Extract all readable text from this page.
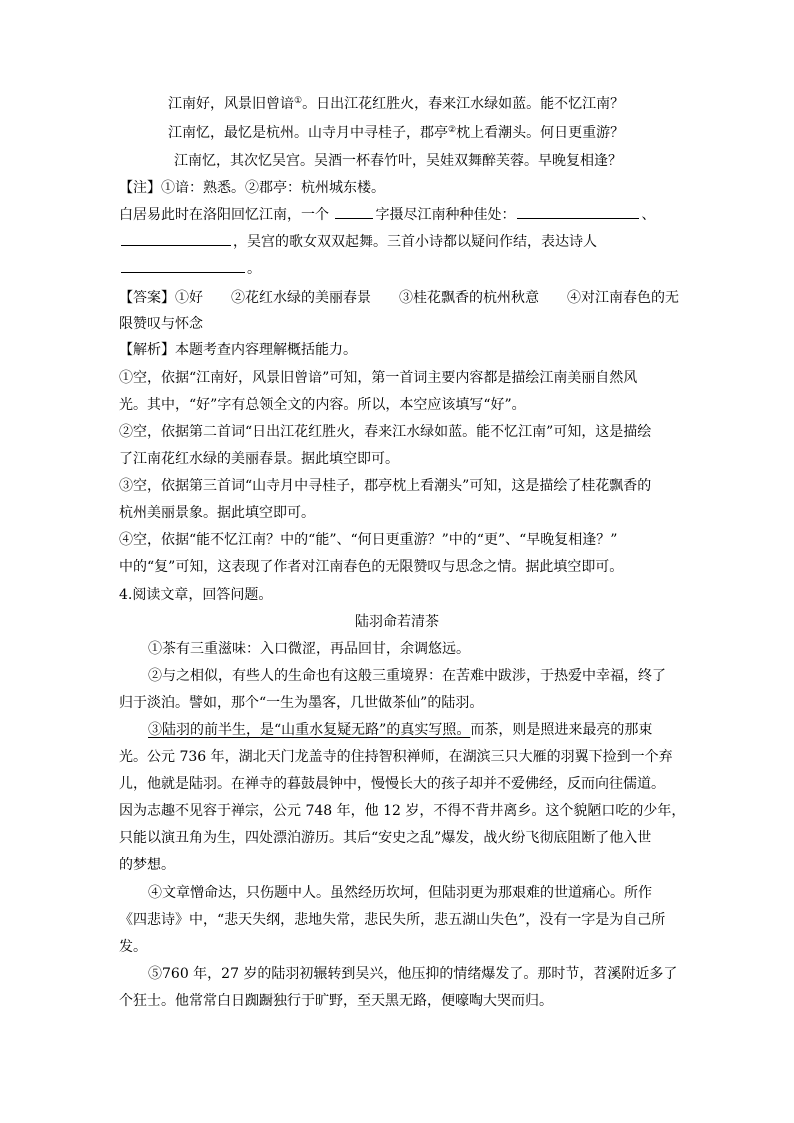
江南好，风景旧曾谙①。日出江花红胜火，春来江水绿如蓝。能不忆江南？
江南忆，最忆是杭州。山寺月中寻桂子，郡亭②枕上看潮头。何日更重游？
江南忆，其次忆吴宫。吴酒一杯春竹叶，吴娃双舞醉芙蓉。早晚复相逢？
【注】①谙：熟悉。②郡亭：杭州城东楼。
白居易此时在洛阳回忆江南，一个	字摄尽江南种种佳处：	、
，吴宫的歌女双双起舞。三首小诗都以疑问作结，表达诗人
。
【答案】①好　　②花红水绿的美丽春景　　③桂花飘香的杭州秋意　　④对江南春色的无
限赞叹与怀念
【解析】本题考查内容理解概括能力。
①空，依据“江南好，风景旧曾谙”可知，第一首词主要内容都是描绘江南美丽自然风
光。其中，“好”字有总领全文的内容。所以，本空应该填写“好”。
②空，依据第二首词“日出江花红胜火，春来江水绿如蓝。能不忆江南”可知，这是描绘
了江南花红水绿的美丽春景。据此填空即可。
③空，依据第三首词“山寺月中寻桂子，郡亭枕上看潮头”可知，这是描绘了桂花飘香的
杭州美丽景象。据此填空即可。
④空，依据“能不忆江南？中的“能”、“何日更重游？”中的“更”、“早晚复相逢？”
中的“复”可知，这表现了作者对江南春色的无限赞叹与思念之情。据此填空即可。
4.阅读文章，回答问题。
陆羽命若清茶
①茶有三重滋味：入口微涩，再品回甘，余调悠远。
②与之相似，有些人的生命也有这般三重境界：在苦难中跋涉，于热爱中幸福，终了
归于淡泊。譬如，那个“一生为墨客，几世做茶仙”的陆羽。
③陆羽的前半生，是“山重水复疑无路”的真实写照。而茶，则是照进来最亮的那束
光。公元 736 年，湖北天门龙盖寺的住持智积禅师，在湖滨三只大雁的羽翼下捡到一个弃
儿，他就是陆羽。在禅寺的暮鼓晨钟中，慢慢长大的孩子却并不爱佛经，反而向往儒道。
因为志趣不见容于禅宗，公元 748 年，他 12 岁，不得不背井离乡。这个貌陋口吃的少年，
只能以演丑角为生，四处漂泊游历。其后“安史之乱”爆发，战火纷飞彻底阻断了他入世
的梦想。
④文章憎命达，只伤题中人。虽然经历坎坷，但陆羽更为那艰难的世道痛心。所作
《四悲诗》中，“悲天失纲，悲地失常，悲民失所，悲五湖山失色”，没有一字是为自己所
发。
⑤760 年，27 岁的陆羽初辗转到吴兴，他压抑的情绪爆发了。那时节，苕溪附近多了
个狂士。他常常白日踟蹰独行于旷野，至天黑无路，便嚎啕大哭而归。
